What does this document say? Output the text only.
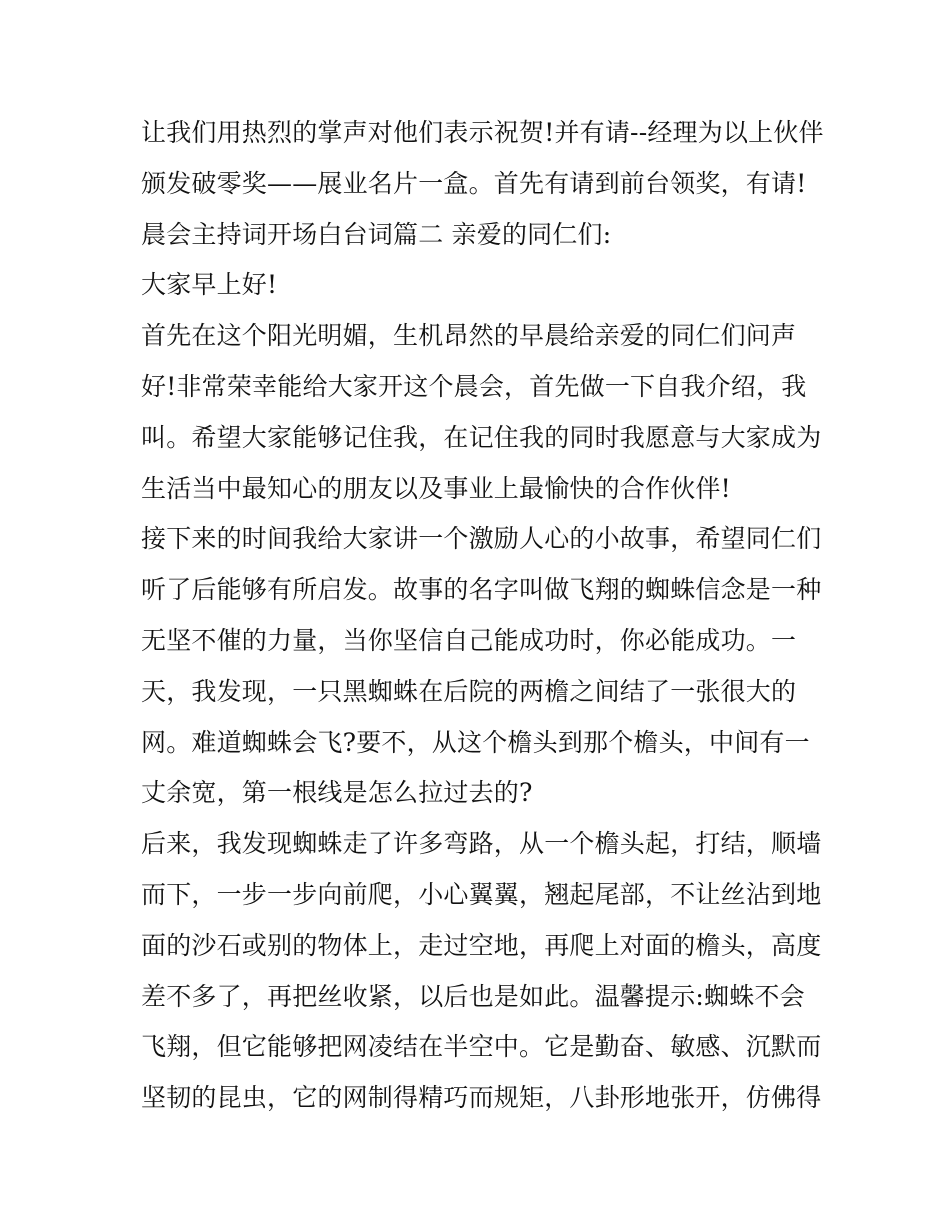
让我们用热烈的掌声对他们表示祝贺!并有请--经理为以上伙伴
颁发破零奖——展业名片一盒。首先有请到前台领奖，有请!
晨会主持词开场白台词篇二 亲爱的同仁们:
大家早上好!
首先在这个阳光明媚，生机昂然的早晨给亲爱的同仁们问声
好!非常荣幸能给大家开这个晨会，首先做一下自我介绍，我
叫。希望大家能够记住我，在记住我的同时我愿意与大家成为
生活当中最知心的朋友以及事业上最愉快的合作伙伴!
接下来的时间我给大家讲一个激励人心的小故事，希望同仁们
听了后能够有所启发。故事的名字叫做飞翔的蜘蛛信念是一种
无坚不催的力量，当你坚信自己能成功时，你必能成功。一
天，我发现，一只黑蜘蛛在后院的两檐之间结了一张很大的
网。难道蜘蛛会飞?要不，从这个檐头到那个檐头，中间有一
丈余宽，第一根线是怎么拉过去的?
后来，我发现蜘蛛走了许多弯路，从一个檐头起，打结，顺墙
而下，一步一步向前爬，小心翼翼，翘起尾部，不让丝沾到地
面的沙石或别的物体上，走过空地，再爬上对面的檐头，高度
差不多了，再把丝收紧，以后也是如此。温馨提示:蜘蛛不会
飞翔，但它能够把网凌结在半空中。它是勤奋、敏感、沉默而
坚韧的昆虫，它的网制得精巧而规矩，八卦形地张开，仿佛得
